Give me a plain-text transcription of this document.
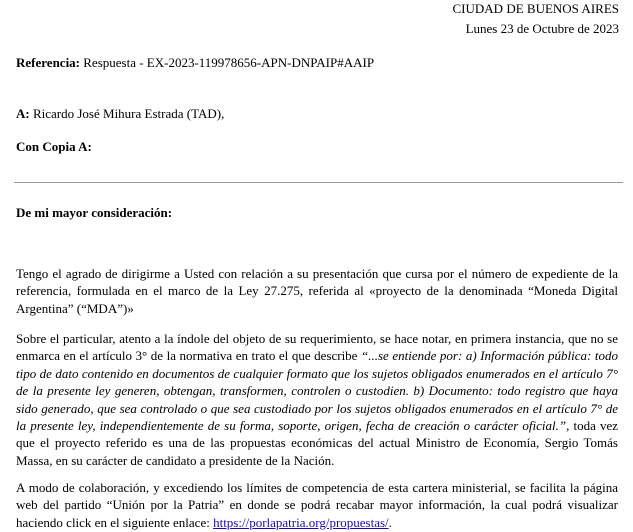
CIUDAD DE BUENOS AIRES
Lunes 23 de Octubre de 2023
Referencia: Respuesta - EX-2023-119978656-APN-DNPAIP#AAIP
A: Ricardo José Mihura Estrada (TAD),
Con Copia A:
De mi mayor consideración:
Tengo el agrado de dirigirme a Usted con relación a su presentación que cursa por el número de expediente de la referencia, formulada en el marco de la Ley 27.275, referida al «proyecto de la denominada “Moneda Digital Argentina” (“MDA”)»
Sobre el particular, atento a la índole del objeto de su requerimiento, se hace notar, en primera instancia, que no se enmarca en el artículo 3° de la normativa en trato el que describe “...se entiende por: a) Información pública: todo tipo de dato contenido en documentos de cualquier formato que los sujetos obligados enumerados en el artículo 7° de la presente ley generen, obtengan, transformen, controlen o custodien. b) Documento: todo registro que haya sido generado, que sea controlado o que sea custodiado por los sujetos obligados enumerados en el artículo 7° de la presente ley, independientemente de su forma, soporte, origen, fecha de creación o carácter oficial.”, toda vez que el proyecto referido es una de las propuestas económicas del actual Ministro de Economía, Sergio Tomás Massa, en su carácter de candidato a presidente de la Nación.
A modo de colaboración, y excediendo los límites de competencia de esta cartera ministerial, se facilita la página web del partido “Unión por la Patria” en donde se podrá recabar mayor información, la cual podrá visualizar haciendo click en el siguiente enlace: https://porlapatria.org/propuestas/.
